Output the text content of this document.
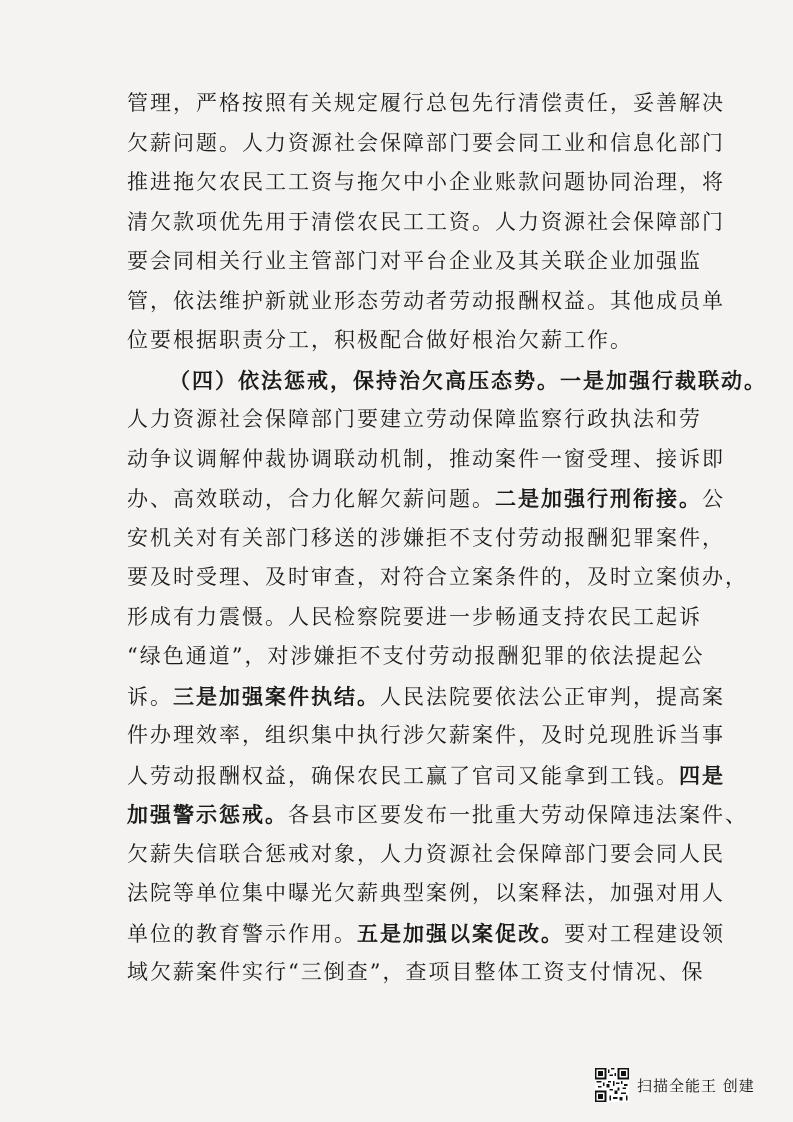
管理，严格按照有关规定履行总包先行清偿责任，妥善解决
欠薪问题。人力资源社会保障部门要会同工业和信息化部门
推进拖欠农民工工资与拖欠中小企业账款问题协同治理，将
清欠款项优先用于清偿农民工工资。人力资源社会保障部门
要会同相关行业主管部门对平台企业及其关联企业加强监
管，依法维护新就业形态劳动者劳动报酬权益。其他成员单
位要根据职责分工，积极配合做好根治欠薪工作。
（四）依法惩戒，保持治欠高压态势。一是加强行裁联动。
人力资源社会保障部门要建立劳动保障监察行政执法和劳
动争议调解仲裁协调联动机制，推动案件一窗受理、接诉即
办、高效联动，合力化解欠薪问题。二是加强行刑衔接。公
安机关对有关部门移送的涉嫌拒不支付劳动报酬犯罪案件，
要及时受理、及时审查，对符合立案条件的，及时立案侦办，
形成有力震慑。人民检察院要进一步畅通支持农民工起诉
“绿色通道”，对涉嫌拒不支付劳动报酬犯罪的依法提起公
诉。三是加强案件执结。人民法院要依法公正审判，提高案
件办理效率，组织集中执行涉欠薪案件，及时兑现胜诉当事
人劳动报酬权益，确保农民工赢了官司又能拿到工钱。四是
加强警示惩戒。各县市区要发布一批重大劳动保障违法案件、
欠薪失信联合惩戒对象，人力资源社会保障部门要会同人民
法院等单位集中曝光欠薪典型案例，以案释法，加强对用人
单位的教育警示作用。五是加强以案促改。要对工程建设领
域欠薪案件实行“三倒查”，查项目整体工资支付情况、保
扫描全能王 创建
